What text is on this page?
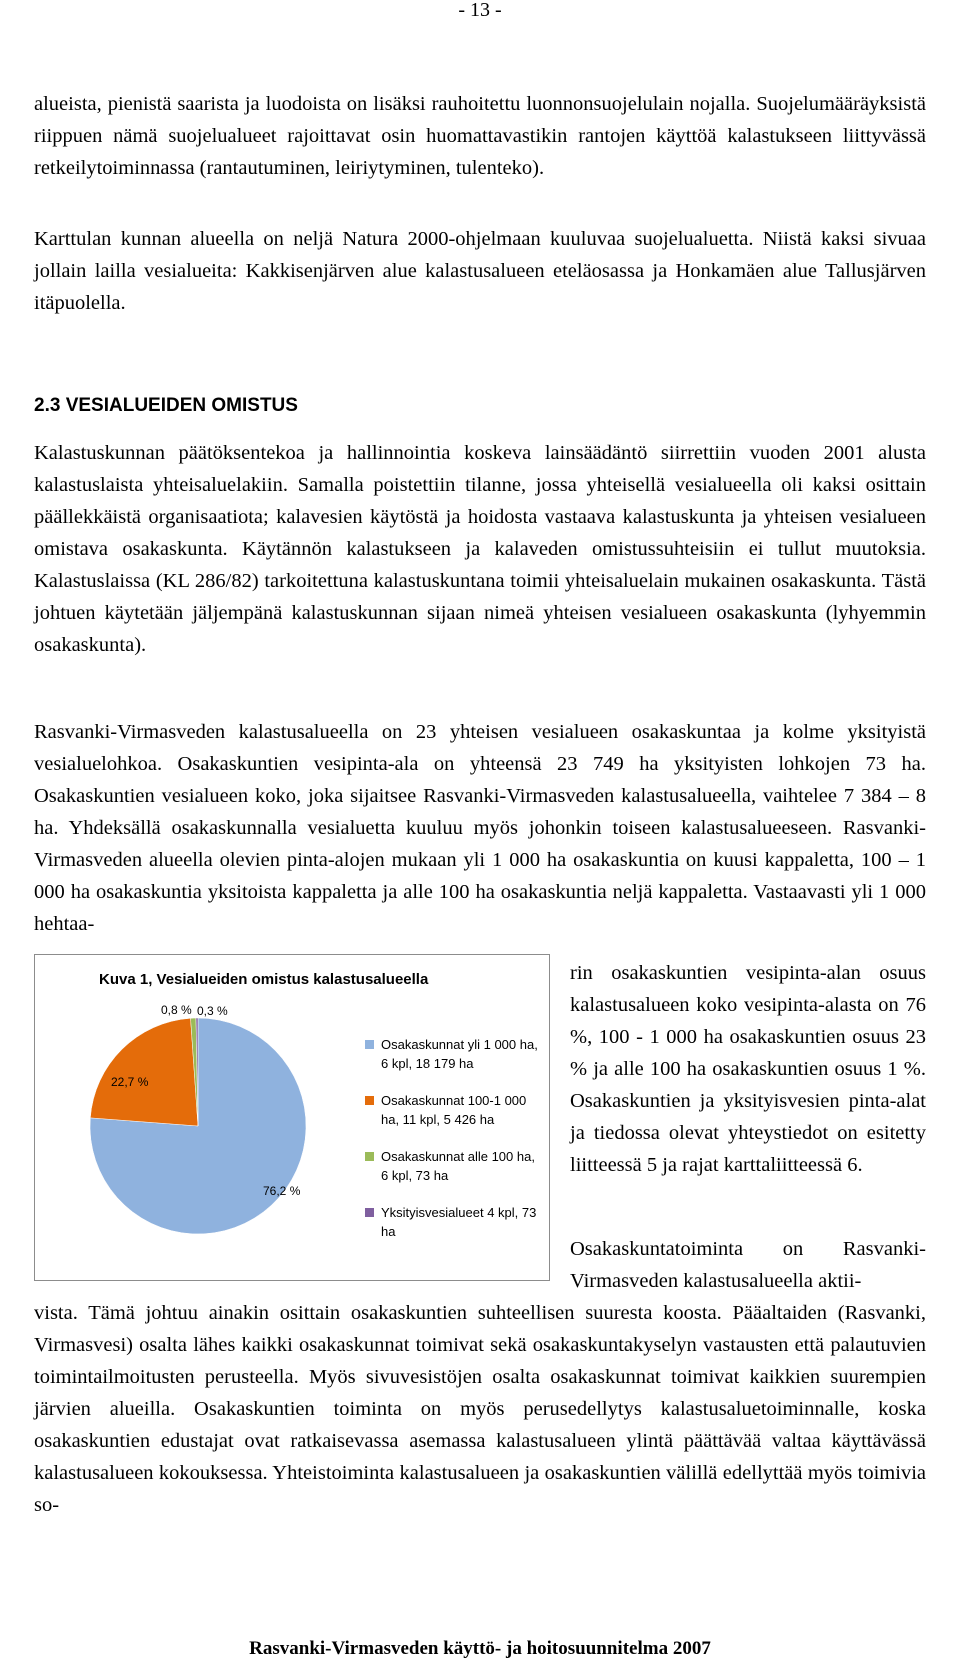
- 13 -

alueista, pienistä saarista ja luodoista on lisäksi rauhoitettu luonnonsuojelulain nojalla. Suojelumääräyksistä riippuen nämä suojelualueet rajoittavat osin huomattavastikin rantojen käyttöä kalastukseen liittyvässä retkeilytoiminnassa (rantautuminen, leiriytyminen, tulenteko).

Karttulan kunnan alueella on neljä Natura 2000-ohjelmaan kuuluvaa suojelualuetta. Niistä kaksi sivuaa jollain lailla vesialueita: Kakkisenjärven alue kalastusalueen eteläosassa ja Honkamäen alue Tallusjärven itäpuolella.

2.3 VESIALUEIDEN OMISTUS

Kalastuskunnan päätöksentekoa ja hallinnointia koskeva lainsäädäntö siirrettiin vuoden 2001 alusta kalastuslaista yhteisaluelakiin. Samalla poistettiin tilanne, jossa yhteisellä vesialueella oli kaksi osittain päällekkäistä organisaatiota; kalavesien käytöstä ja hoidosta vastaava kalastuskunta ja yhteisen vesialueen omistava osakaskunta. Käytännön kalastukseen ja kalaveden omistussuhteisiin ei tullut muutoksia. Kalastuslaissa (KL 286/82) tarkoitettuna kalastuskuntana toimii yhteisaluelain mukainen osakaskunta. Tästä johtuen käytetään jäljempänä kalastuskunnan sijaan nimeä yhteisen vesialueen osakaskunta (lyhyemmin osakaskunta).

Rasvanki-Virmasveden kalastusalueella on 23 yhteisen vesialueen osakaskuntaa ja kolme yksityistä vesialuelohkoa. Osakaskuntien vesipinta-ala on yhteensä 23 749 ha yksityisten lohkojen 73 ha. Osakaskuntien vesialueen koko, joka sijaitsee Rasvanki-Virmasveden kalastusalueella, vaihtelee 7 384 – 8 ha. Yhdeksällä osakaskunnalla vesialuetta kuuluu myös johonkin toiseen kalastusalueeseen. Rasvanki-Virmasveden alueella olevien pinta-alojen mukaan yli 1 000 ha osakaskuntia on kuusi kappaletta, 100 – 1 000 ha osakaskuntia yksitoista kappaletta ja alle 100 ha osakaskuntia neljä kappaletta. Vastaavasti yli 1 000 hehtaa-

Kuva 1, Vesialueiden omistus kalastusalueella
76,2 %
22,7 %
0,8 % 0,3 %
Osakaskunnat yli 1 000 ha, 6 kpl, 18 179 ha
Osakaskunnat 100-1 000 ha, 11 kpl, 5 426 ha
Osakaskunnat alle 100 ha, 6 kpl, 73 ha
Yksityisvesialueet 4 kpl, 73 ha

rin osakaskuntien vesipinta-alan osuus kalastusalueen koko vesipinta-alasta on 76 %, 100 - 1 000 ha osakaskuntien osuus 23 % ja alle 100 ha osakaskuntien osuus 1 %. Osakaskuntien ja yksityisvesien pinta-alat ja tiedossa olevat yhteystiedot on esitetty liitteessä 5 ja rajat karttaliitteessä 6.

Osakaskuntatoiminta on Rasvanki-Virmasveden kalastusalueella aktii-

vista. Tämä johtuu ainakin osittain osakaskuntien suhteellisen suuresta koosta. Pääaltaiden (Rasvanki, Virmasvesi) osalta lähes kaikki osakaskunnat toimivat sekä osakaskuntakyselyn vastausten että palautuvien toimintailmoitusten perusteella. Myös sivuvesistöjen osalta osakaskunnat toimivat kaikkien suurempien järvien alueilla. Osakaskuntien toiminta on myös perusedellytys kalastusaluetoiminnalle, koska osakaskuntien edustajat ovat ratkaisevassa asemassa kalastusalueen ylintä päättävää valtaa käyttävässä kalastusalueen kokouksessa. Yhteistoiminta kalastusalueen ja osakaskuntien välillä edellyttää myös toimivia so-

Rasvanki-Virmasveden käyttö- ja hoitosuunnitelma 2007
